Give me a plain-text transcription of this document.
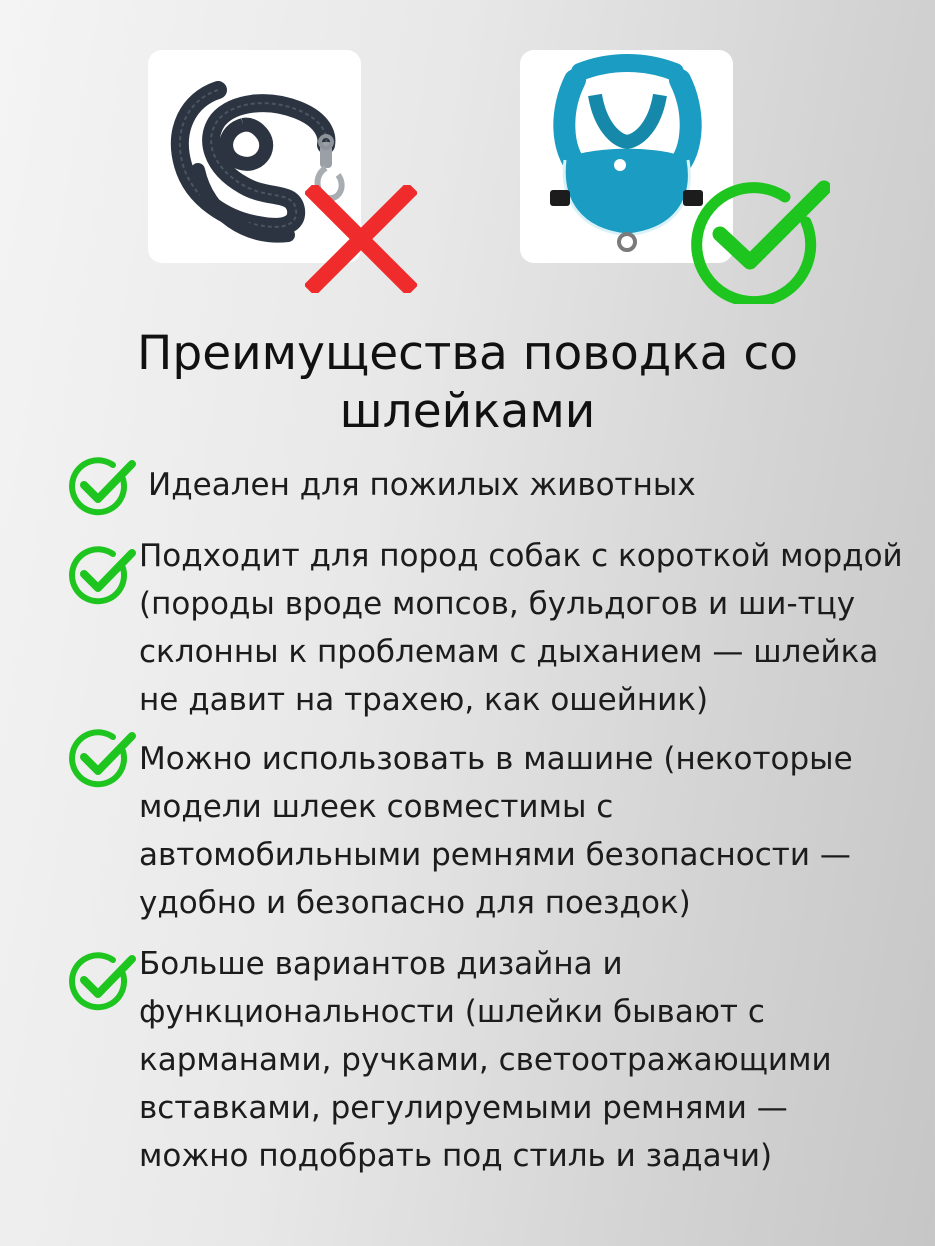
Преимущества поводка со
шлейками
Идеален для пожилых животных
Подходит для пород собак с короткой мордой
(породы вроде мопсов, бульдогов и ши-тцу
склонны к проблемам с дыханием — шлейка
не давит на трахею, как ошейник)
Можно использовать в машине (некоторые
модели шлеек совместимы с
автомобильными ремнями безопасности —
удобно и безопасно для поездок)
Больше вариантов дизайна и
функциональности (шлейки бывают с
карманами, ручками, светоотражающими
вставками, регулируемыми ремнями —
можно подобрать под стиль и задачи)
